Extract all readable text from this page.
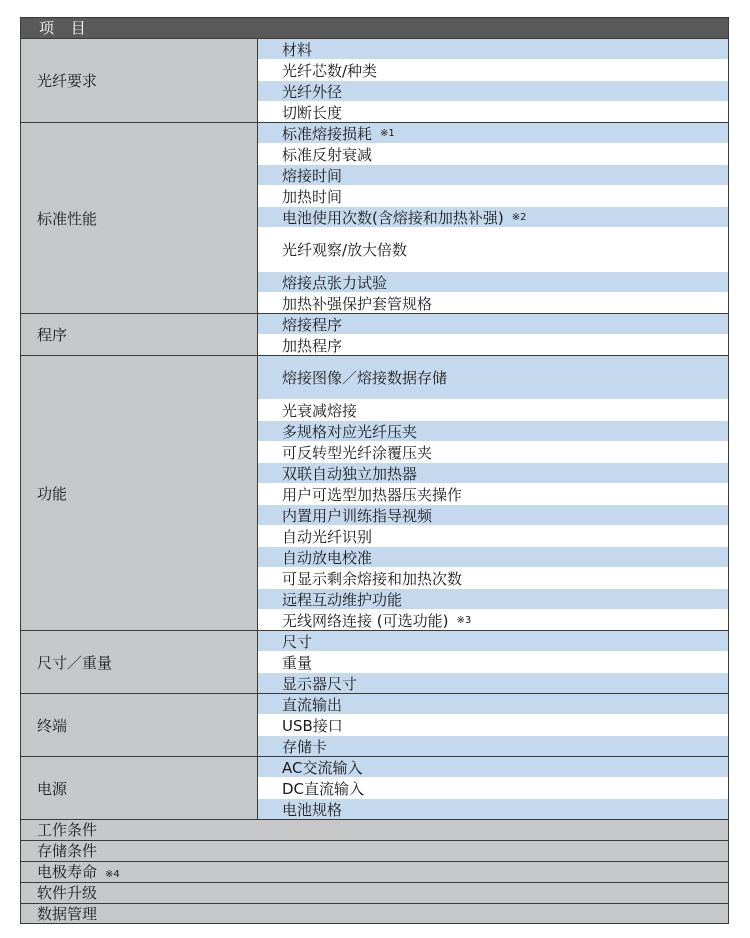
项 目
光纤要求
材料
光纤芯数/种类
光纤外径
切断长度
标准性能
标准熔接损耗 ※1
标准反射衰减
熔接时间
加热时间
电池使用次数(含熔接和加热补强) ※2
光纤观察/放大倍数
熔接点张力试验
加热补强保护套管规格
程序
熔接程序
加热程序
功能
熔接图像／熔接数据存储
光衰减熔接
多规格对应光纤压夹
可反转型光纤涂覆压夹
双联自动独立加热器
用户可选型加热器压夹操作
内置用户训练指导视频
自动光纤识别
自动放电校准
可显示剩余熔接和加热次数
远程互动维护功能
无线网络连接 (可选功能) ※3
尺寸／重量
尺寸
重量
显示器尺寸
终端
直流输出
USB接口
存储卡
电源
AC交流输入
DC直流输入
电池规格
工作条件
存储条件
电极寿命 ※4
软件升级
数据管理
